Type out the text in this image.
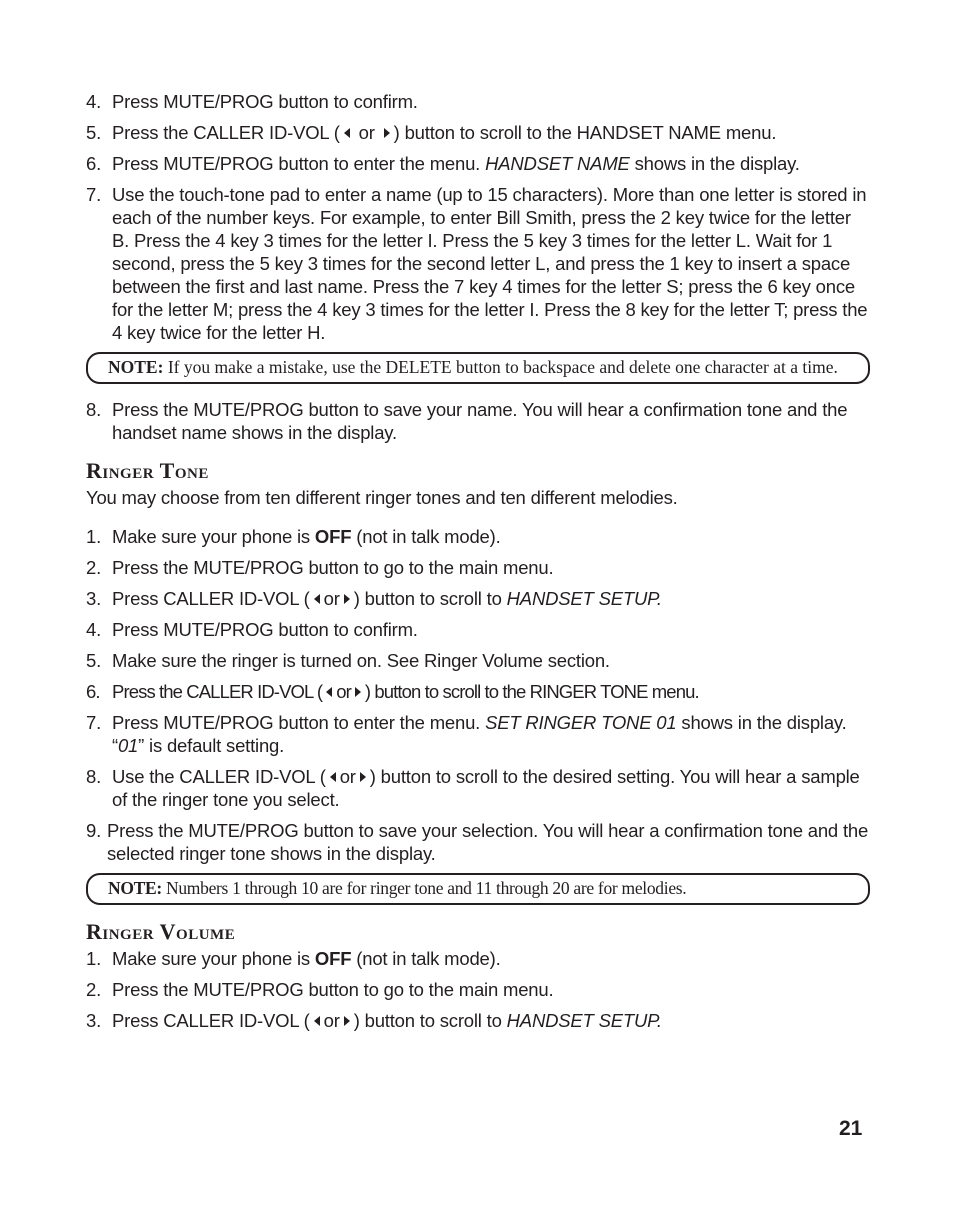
4. Press MUTE/PROG button to confirm.
5. Press the CALLER ID-VOL ( or ) button to scroll to the HANDSET NAME menu.
6. Press MUTE/PROG button to enter the menu. HANDSET NAME shows in the display.
7. Use the touch-tone pad to enter a name (up to 15 characters). More than one letter is stored in each of the number keys. For example, to enter Bill Smith, press the 2 key twice for the letter B. Press the 4 key 3 times for the letter I. Press the 5 key 3 times for the letter L. Wait for 1 second, press the 5 key 3 times for the second letter L, and press the 1 key to insert a space between the first and last name. Press the 7 key 4 times for the letter S; press the 6 key once for the letter M; press the 4 key 3 times for the letter I. Press the 8 key for the letter T; press the 4 key twice for the letter H.
NOTE: If you make a mistake, use the DELETE button to backspace and delete one character at a time.
8. Press the MUTE/PROG button to save your name. You will hear a confirmation tone and the handset name shows in the display.
Ringer Tone
You may choose from ten different ringer tones and ten different melodies.
1. Make sure your phone is OFF (not in talk mode).
2. Press the MUTE/PROG button to go to the main menu.
3. Press CALLER ID-VOL ( or ) button to scroll to HANDSET SETUP.
4. Press MUTE/PROG button to confirm.
5. Make sure the ringer is turned on. See Ringer Volume section.
6. Press the CALLER ID-VOL ( or ) button to scroll to the RINGER TONE menu.
7. Press MUTE/PROG button to enter the menu. SET RINGER TONE 01 shows in the display. “01” is default setting.
8. Use the CALLER ID-VOL ( or ) button to scroll to the desired setting. You will hear a sample of the ringer tone you select.
9. Press the MUTE/PROG button to save your selection. You will hear a confirmation tone and the selected ringer tone shows in the display.
NOTE: Numbers 1 through 10 are for ringer tone and 11 through 20 are for melodies.
Ringer Volume
1. Make sure your phone is OFF (not in talk mode).
2. Press the MUTE/PROG button to go to the main menu.
3. Press CALLER ID-VOL ( or ) button to scroll to HANDSET SETUP.
21
